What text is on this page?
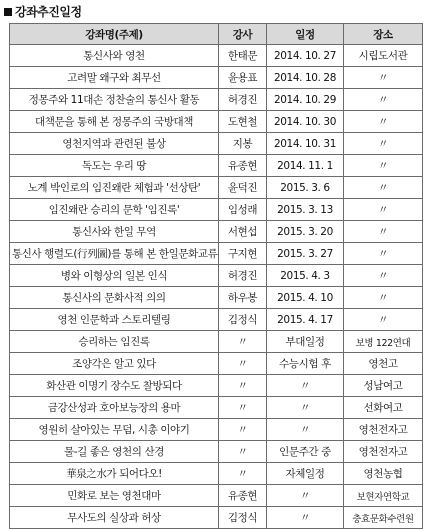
강좌추진일정
강좌명(주제)	강사	일정	장소
통신사와 영천	한태문	2014. 10. 27	시립도서관
고려말 왜구와 최무선	윤용표	2014. 10. 28	〃
정몽주와 11대손 정찬술의 통신사 활동	허경진	2014. 10. 29	〃
대책문을 통해 본 정몽주의 국방대책	도현철	2014. 10. 30	〃
영천지역과 관련된 불상	지봉	2014. 10. 31	〃
독도는 우리 땅	유종현	2014. 11. 1	〃
노계 박인로의 임진왜란 체험과 '선상탄'	윤덕진	2015. 3. 6	〃
임진왜란 승리의 문학 '임진록'	임성래	2015. 3. 13	〃
통신사와 한일 무역	서현섭	2015. 3. 20	〃
통신사 행렬도(行列圖)를 통해 본 한일문화교류	구지현	2015. 3. 27	〃
병와 이형상의 일본 인식	허경진	2015. 4. 3	〃
통신사의 문화사적 의의	하우봉	2015. 4. 10	〃
영천 인문학과 스토리텔링	김정식	2015. 4. 17	〃
승리하는 임진록	〃	부대일정	보병 122연대
조양각은 알고 있다	〃	수능시험 후	영천고
화산관 이명기 장수도 찰방되다	〃	〃	성남여고
금강산성과 호아보능장의 용마	〃	〃	선화여고
영원히 살아있는 무덤, 시총 이야기	〃	〃	영천전자고
물-길 좋은 영천의 산경	〃	인문주간 중	영천전자고
華泉之水가 되어다오!	〃	자체일정	영천농협
민화로 보는 영천대마	유종현	〃	보현자연학교
무사도의 실상과 허상	김정식	〃	충효문화수련원
